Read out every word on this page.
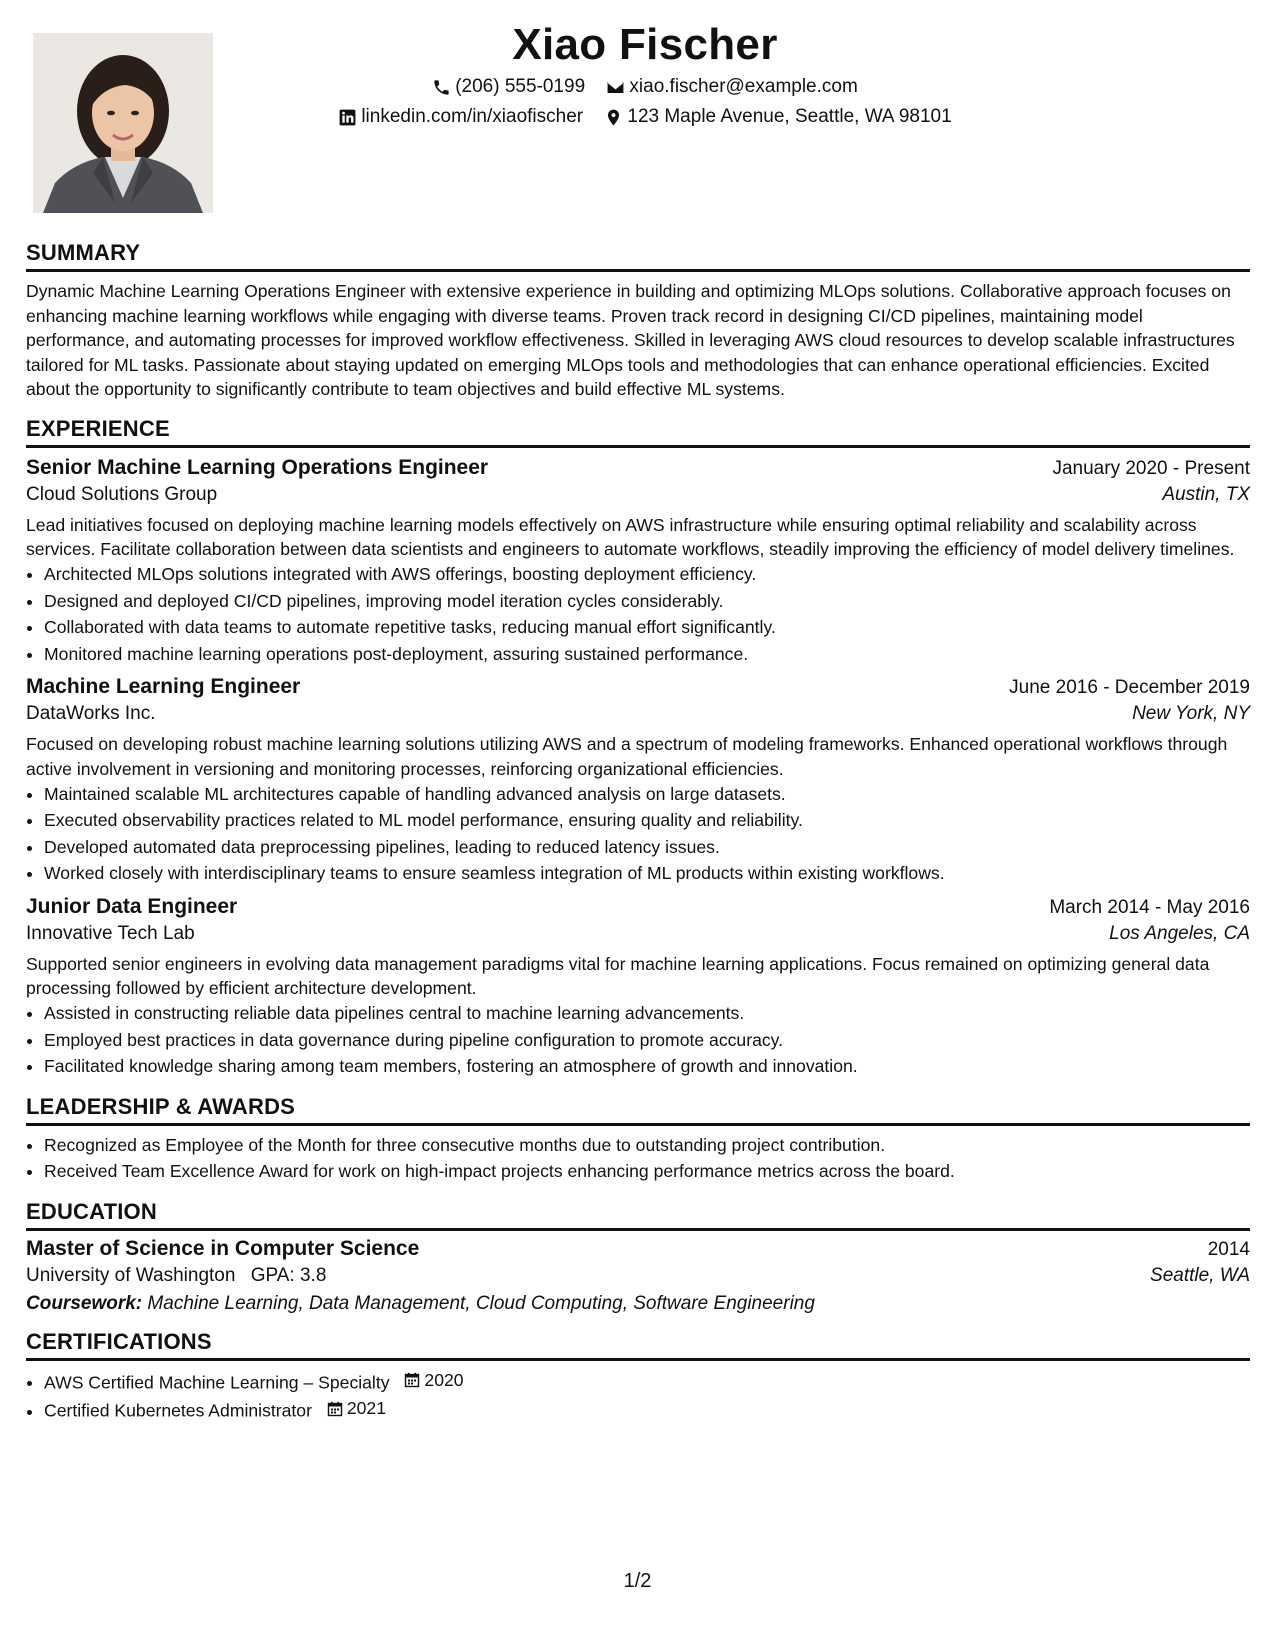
Xiao Fischer
(206) 555-0199
xiao.fischer@example.com
linkedin.com/in/xiaofischer
123 Maple Avenue, Seattle, WA 98101
SUMMARY

Dynamic Machine Learning Operations Engineer with extensive experience in building and optimizing MLOps solutions. Collaborative approach focuses on enhancing machine learning workflows while engaging with diverse teams. Proven track record in designing CI/CD pipelines, maintaining model performance, and automating processes for improved workflow effectiveness. Skilled in leveraging AWS cloud resources to develop scalable infrastructures tailored for ML tasks. Passionate about staying updated on emerging MLOps tools and methodologies that can enhance operational efficiencies. Excited about the opportunity to significantly contribute to team objectives and build effective ML systems.

EXPERIENCE
Senior Machine Learning Operations Engineer	January 2020 - Present
Cloud Solutions Group	Austin, TX
Lead initiatives focused on deploying machine learning models effectively on AWS infrastructure while ensuring optimal reliability and scalability across services. Facilitate collaboration between data scientists and engineers to automate workflows, steadily improving the efficiency of model delivery timelines.
• Architected MLOps solutions integrated with AWS offerings, boosting deployment efficiency.
• Designed and deployed CI/CD pipelines, improving model iteration cycles considerably.
• Collaborated with data teams to automate repetitive tasks, reducing manual effort significantly.
• Monitored machine learning operations post-deployment, assuring sustained performance.
Machine Learning Engineer	June 2016 - December 2019
DataWorks Inc.	New York, NY
Focused on developing robust machine learning solutions utilizing AWS and a spectrum of modeling frameworks. Enhanced operational workflows through active involvement in versioning and monitoring processes, reinforcing organizational efficiencies.
• Maintained scalable ML architectures capable of handling advanced analysis on large datasets.
• Executed observability practices related to ML model performance, ensuring quality and reliability.
• Developed automated data preprocessing pipelines, leading to reduced latency issues.
• Worked closely with interdisciplinary teams to ensure seamless integration of ML products within existing workflows.
Junior Data Engineer	March 2014 - May 2016
Innovative Tech Lab	Los Angeles, CA
Supported senior engineers in evolving data management paradigms vital for machine learning applications. Focus remained on optimizing general data processing followed by efficient architecture development.
• Assisted in constructing reliable data pipelines central to machine learning advancements.
• Employed best practices in data governance during pipeline configuration to promote accuracy.
• Facilitated knowledge sharing among team members, fostering an atmosphere of growth and innovation.
LEADERSHIP & AWARDS
• Recognized as Employee of the Month for three consecutive months due to outstanding project contribution.
• Received Team Excellence Award for work on high-impact projects enhancing performance metrics across the board.
EDUCATION
Master of Science in Computer Science	2014
University of Washington GPA: 3.8	Seattle, WA
Coursework: Machine Learning, Data Management, Cloud Computing, Software Engineering
CERTIFICATIONS
• AWS Certified Machine Learning – Specialty 2020
• Certified Kubernetes Administrator 2021
1/2
